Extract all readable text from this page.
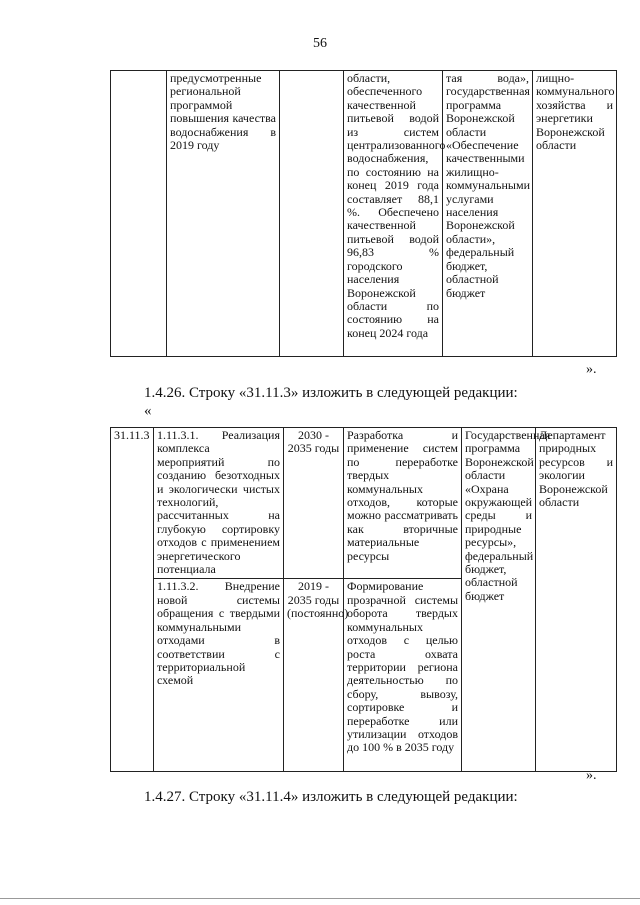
56
	предусмотренные региональной программой повышения качества водоснабжения в 2019 году		области, обеспеченного качественной питьевой водой из систем централизованного водоснабжения, по состоянию на конец 2019 года составляет 88,1 %. Обеспечено качественной питьевой водой 96,83 % городского населения Воронежской области по состоянию на конец 2024 года	тая вода», государственная программа Воронежской области «Обеспечение качественными жилищно-коммунальными услугами населения Воронежской области», федеральный бюджет, областной бюджет	лищно-коммунального хозяйства и энергетики Воронежской области
».
1.4.26. Строку «31.11.3» изложить в следующей редакции:
«
31.11.3	1.11.3.1. Реализация комплекса мероприятий по созданию безотходных и экологически чистых технологий, рассчитанных на глубокую сортировку отходов с применением энергетического потенциала	2030 - 2035 годы	Разработка и применение систем по переработке твердых коммунальных отходов, которые можно рассматривать как вторичные материальные ресурсы	Государственная программа Воронежской области «Охрана окружающей среды и природные ресурсы», федеральный бюджет, областной бюджет	Департамент природных ресурсов и экологии Воронежской области
	1.11.3.2. Внедрение новой системы обращения с твердыми коммунальными отходами в соответствии с территориальной схемой	2019 - 2035 годы (постоянно)	Формирование прозрачной системы оборота твердых коммунальных отходов с целью роста охвата территории региона деятельностью по сбору, вывозу, сортировке и переработке или утилизации отходов до 100 % в 2035 году		
».
1.4.27. Строку «31.11.4» изложить в следующей редакции:
